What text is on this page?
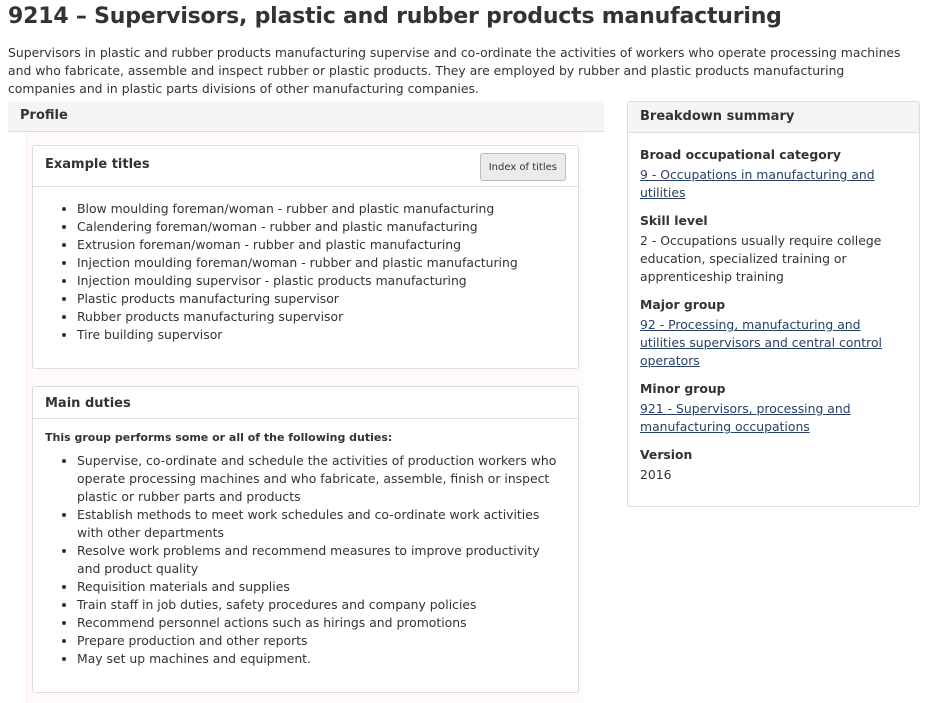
9214 – Supervisors, plastic and rubber products manufacturing

Supervisors in plastic and rubber products manufacturing supervise and co-ordinate the activities of workers who operate processing machines and who fabricate, assemble and inspect rubber or plastic products. They are employed by rubber and plastic products manufacturing companies and in plastic parts divisions of other manufacturing companies.

Profile
Example titles	Index of titles
• Blow moulding foreman/woman - rubber and plastic manufacturing
• Calendering foreman/woman - rubber and plastic manufacturing
• Extrusion foreman/woman - rubber and plastic manufacturing
• Injection moulding foreman/woman - rubber and plastic manufacturing
• Injection moulding supervisor - plastic products manufacturing
• Plastic products manufacturing supervisor
• Rubber products manufacturing supervisor
• Tire building supervisor
Main duties

This group performs some or all of the following duties:

• Supervise, co-ordinate and schedule the activities of production workers who operate processing machines and who fabricate, assemble, finish or inspect plastic or rubber parts and products
• Establish methods to meet work schedules and co-ordinate work activities with other departments
• Resolve work problems and recommend measures to improve productivity and product quality
• Requisition materials and supplies
• Train staff in job duties, safety procedures and company policies
• Recommend personnel actions such as hirings and promotions
• Prepare production and other reports
• May set up machines and equipment.
Breakdown summary
Broad occupational category
9 - Occupations in manufacturing and utilities
Skill level
2 - Occupations usually require college education, specialized training or apprenticeship training
Major group
92 - Processing, manufacturing and utilities supervisors and central control operators
Minor group
921 - Supervisors, processing and manufacturing occupations
Version
2016
